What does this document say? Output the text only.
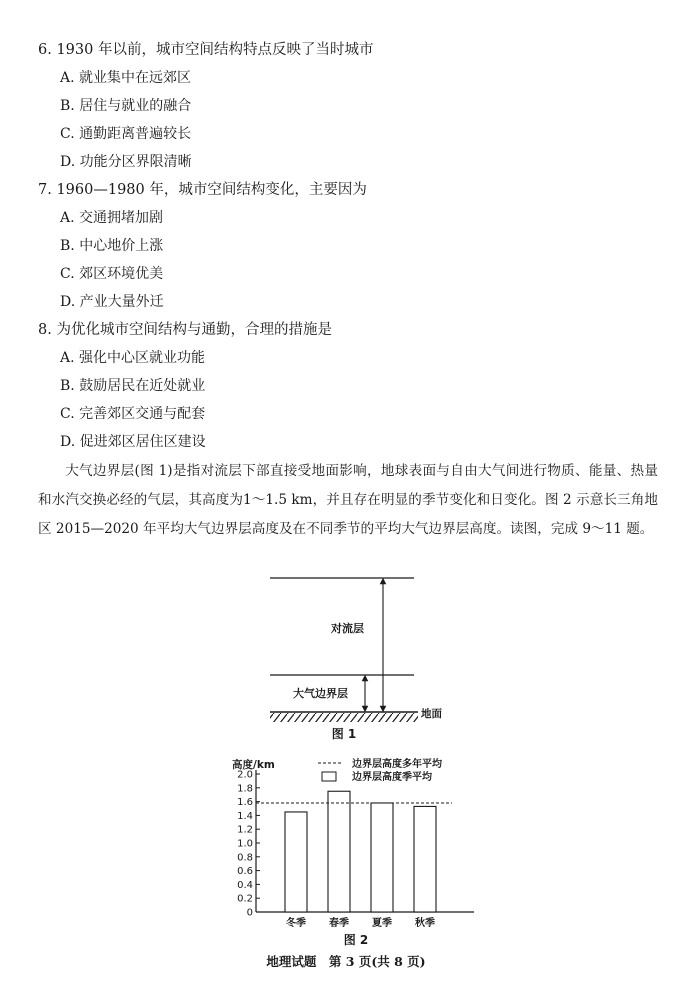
6. 1930 年以前，城市空间结构特点反映了当时城市
A. 就业集中在远郊区
B. 居住与就业的融合
C. 通勤距离普遍较长
D. 功能分区界限清晰
7. 1960—1980 年，城市空间结构变化，主要因为
A. 交通拥堵加剧
B. 中心地价上涨
C. 郊区环境优美
D. 产业大量外迁
8. 为优化城市空间结构与通勤，合理的措施是
A. 强化中心区就业功能
B. 鼓励居民在近处就业
C. 完善郊区交通与配套
D. 促进郊区居住区建设
大气边界层(图 1)是指对流层下部直接受地面影响，地球表面与自由大气间进行物质、能量、热量和水汽交换必经的气层，其高度为1～1.5 km，并且存在明显的季节变化和日变化。图 2 示意长三角地区 2015—2020 年平均大气边界层高度及在不同季节的平均大气边界层高度。读图，完成 9～11 题。
对流层
大气边界层
地面
图 1
高度/km	边界层高度多年平均
边界层高度季平均
0
0.2
0.4
0.6
0.8
1.0
1.2
1.4
1.6
1.8
2.0
冬季 春季 夏季 秋季
图 2
地理试题　第 3 页(共 8 页)
